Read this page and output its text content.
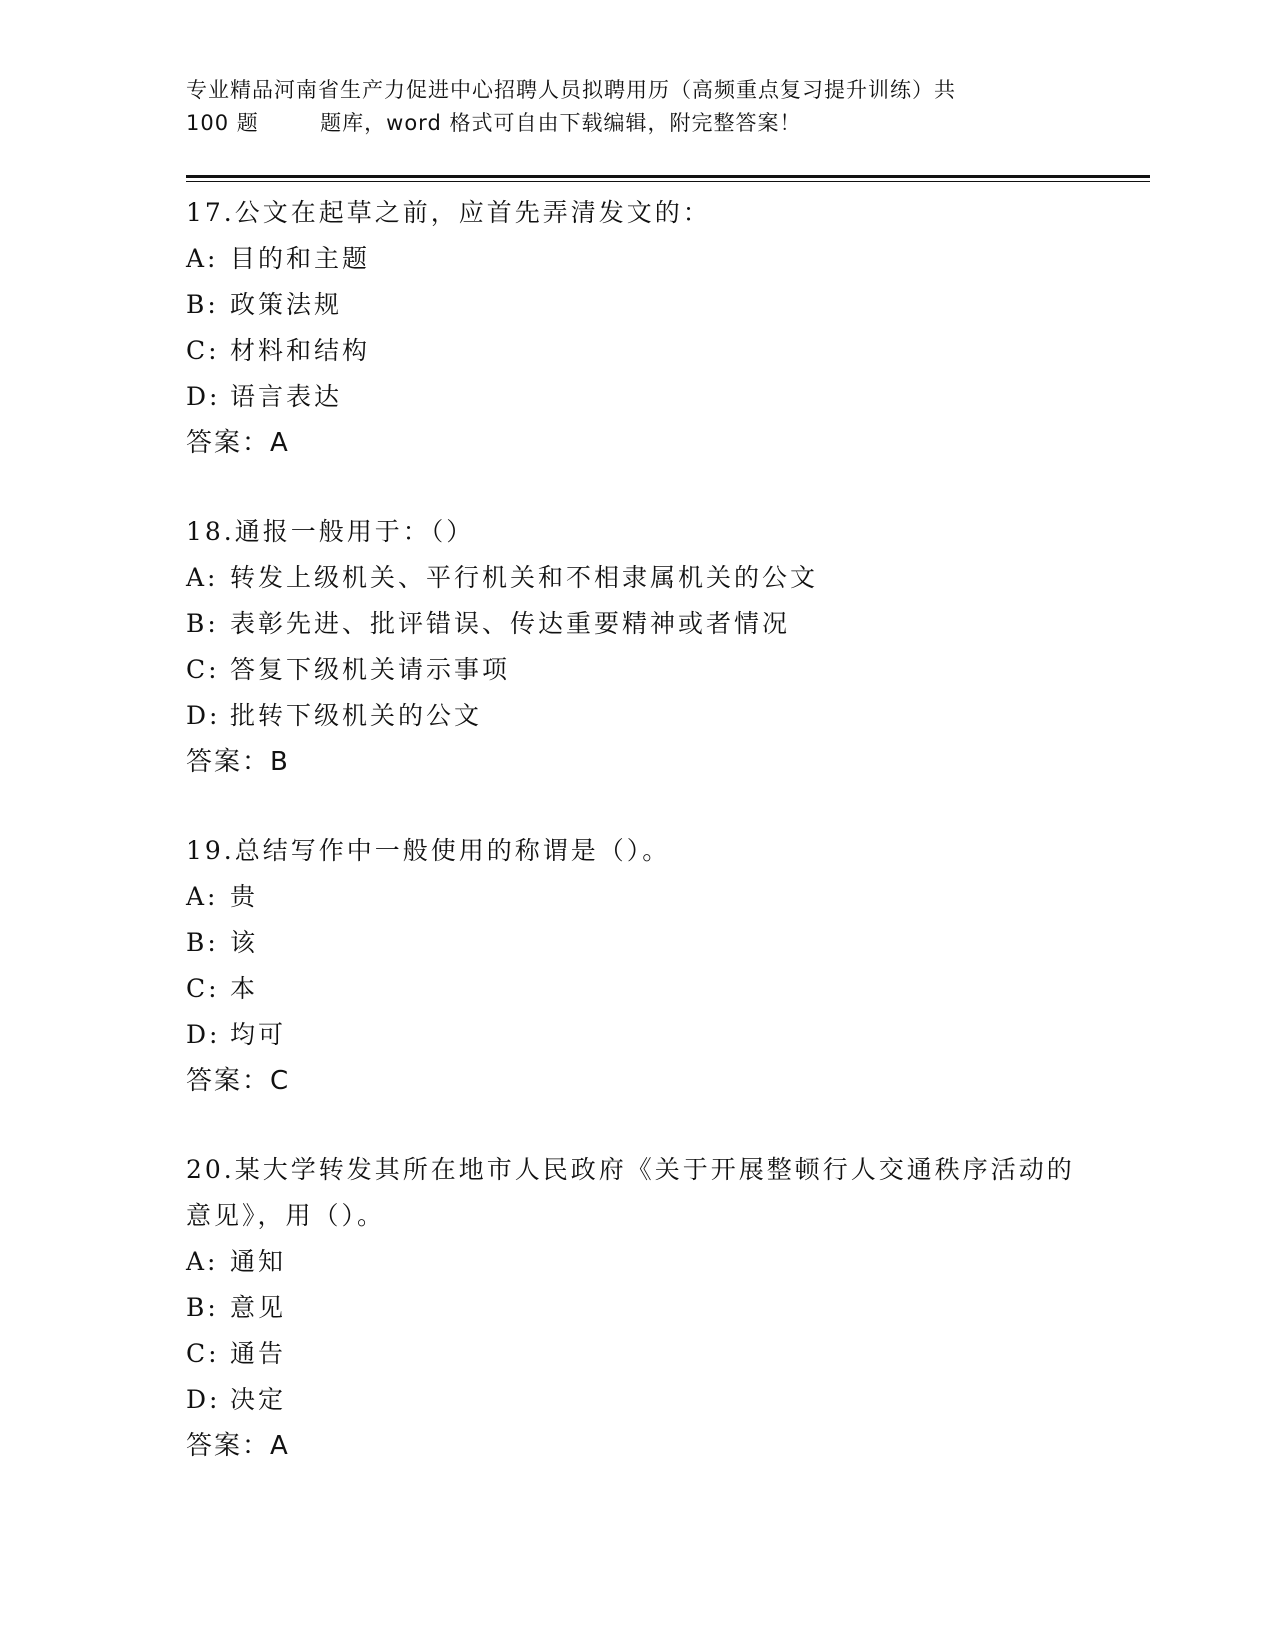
专业精品河南省生产力促进中心招聘人员拟聘用历（高频重点复习提升训练）共
100 题        题库，word 格式可自由下载编辑，附完整答案！
17.公文在起草之前，应首先弄清发文的：
A: 目的和主题
B: 政策法规
C: 材料和结构
D: 语言表达
答案：A
18.通报一般用于：（）
A: 转发上级机关、平行机关和不相隶属机关的公文
B: 表彰先进、批评错误、传达重要精神或者情况
C: 答复下级机关请示事项
D: 批转下级机关的公文
答案：B
19.总结写作中一般使用的称谓是（）。
A: 贵
B: 该
C: 本
D: 均可
答案：C
20.某大学转发其所在地市人民政府《关于开展整顿行人交通秩序活动的意见》，用（）。
A: 通知
B: 意见
C: 通告
D: 决定
答案：A
